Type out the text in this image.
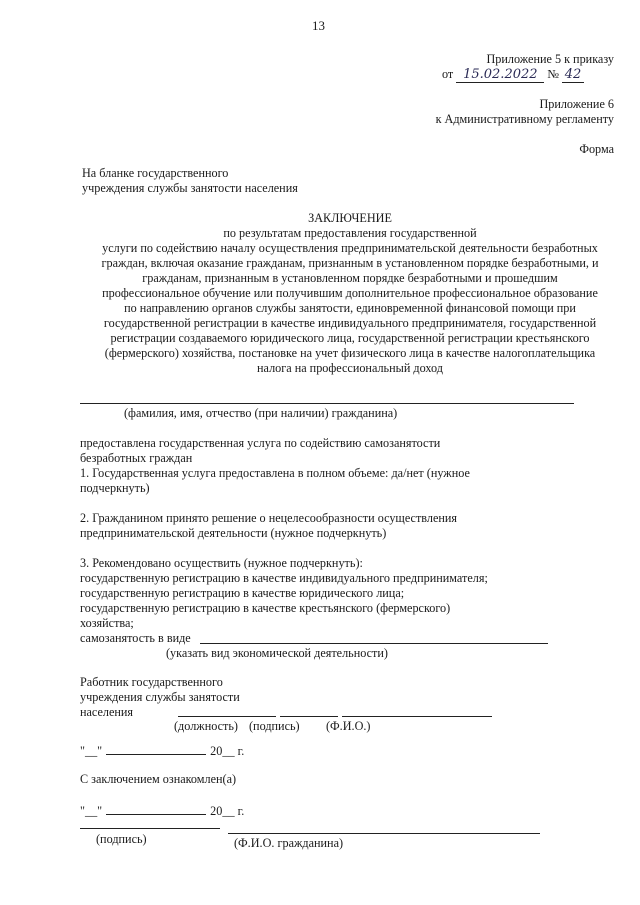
13
Приложение 5 к приказу
от 15.02.2022 № 42
Приложение 6
к Административному регламенту
Форма
На бланке государственного
учреждения службы занятости населения
ЗАКЛЮЧЕНИЕ
по результатам предоставления государственной
услуги по содействию началу осуществления предпринимательской деятельности безработных
граждан, включая оказание гражданам, признанным в установленном порядке безработными, и
гражданам, признанным в установленном порядке безработными и прошедшим
профессиональное обучение или получившим дополнительное профессиональное образование
по направлению органов службы занятости, единовременной финансовой помощи при
государственной регистрации в качестве индивидуального предпринимателя, государственной
регистрации создаваемого юридического лица, государственной регистрации крестьянского
(фермерского) хозяйства, постановке на учет физического лица в качестве налогоплательщика
налога на профессиональный доход
(фамилия, имя, отчество (при наличии) гражданина)
предоставлена государственная услуга по содействию самозанятости
безработных граждан
1. Государственная услуга предоставлена в полном объеме: да/нет (нужное
подчеркнуть)
2. Гражданином принято решение о нецелесообразности осуществления
предпринимательской деятельности (нужное подчеркнуть)
3. Рекомендовано осуществить (нужное подчеркнуть):
государственную регистрацию в качестве индивидуального предпринимателя;
государственную регистрацию в качестве юридического лица;
государственную регистрацию в качестве крестьянского (фермерского)
хозяйства;
самозанятость в виде
(указать вид экономической деятельности)
Работник государственного
учреждения службы занятости
населения
(должность) (подпись) (Ф.И.О.)
"__"	20__ г.
С заключением ознакомлен(а)
"__"	20__ г.
(подпись)	(Ф.И.О. гражданина)
